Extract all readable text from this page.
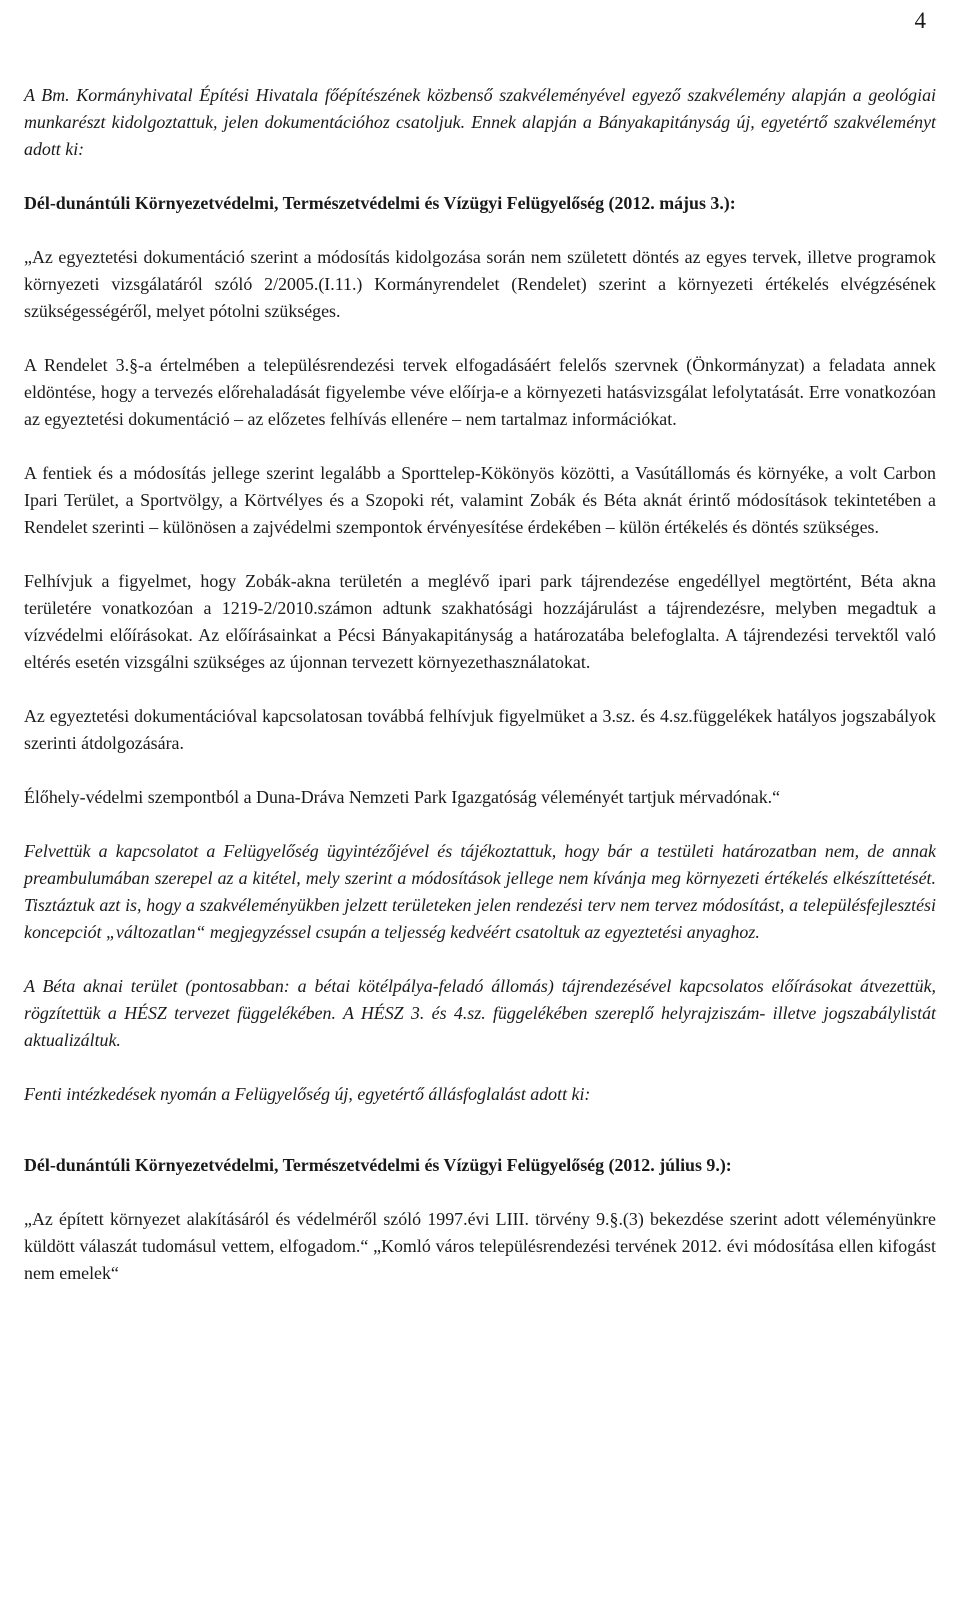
4

A Bm. Kormányhivatal Építési Hivatala főépítészének közbenső szakvéleményével egyező szakvélemény alapján a geológiai munkarészt kidolgoztattuk, jelen dokumentációhoz csatoljuk. Ennek alapján a Bányakapitányság új, egyetértő szakvéleményt adott ki:

Dél-dunántúli Környezetvédelmi, Természetvédelmi és Vízügyi Felügyelőség (2012. május 3.):

„Az egyeztetési dokumentáció szerint a módosítás kidolgozása során nem született döntés az egyes tervek, illetve programok környezeti vizsgálatáról szóló 2/2005.(I.11.) Kormányrendelet (Rendelet) szerint a környezeti értékelés elvégzésének szükségességéről, melyet pótolni szükséges.

A Rendelet 3.§-a értelmében a településrendezési tervek elfogadásáért felelős szervnek (Önkormányzat) a feladata annek eldöntése, hogy a tervezés előrehaladását figyelembe véve előírja-e a környezeti hatásvizsgálat lefolytatását. Erre vonatkozóan az egyeztetési dokumentáció – az előzetes felhívás ellenére – nem tartalmaz információkat.

A fentiek és a módosítás jellege szerint legalább a Sporttelep-Kökönyös közötti, a Vasútállomás és környéke, a volt Carbon Ipari Terület, a Sportvölgy, a Körtvélyes és a Szopoki rét, valamint Zobák és Béta aknát érintő módosítások tekintetében a Rendelet szerinti – különösen a zajvédelmi szempontok érvényesítése érdekében – külön értékelés és döntés szükséges.

Felhívjuk a figyelmet, hogy Zobák-akna területén a meglévő ipari park tájrendezése engedéllyel megtörtént, Béta akna területére vonatkozóan a 1219-2/2010.számon adtunk szakhatósági hozzájárulást a tájrendezésre, melyben megadtuk a vízvédelmi előírásokat. Az előírásainkat a Pécsi Bányakapitányság a határozatába belefoglalta. A tájrendezési tervektől való eltérés esetén vizsgálni szükséges az újonnan tervezett környezethasználatokat.

Az egyeztetési dokumentációval kapcsolatosan továbbá felhívjuk figyelmüket a 3.sz. és 4.sz.függelékek hatályos jogszabályok szerinti átdolgozására.

Élőhely-védelmi szempontból a Duna-Dráva Nemzeti Park Igazgatóság véleményét tartjuk mérvadónak.“

Felvettük a kapcsolatot a Felügyelőség ügyintézőjével és tájékoztattuk, hogy bár a testületi határozatban nem, de annak preambulumában szerepel az a kitétel, mely szerint a módosítások jellege nem kívánja meg környezeti értékelés elkészíttetését. Tisztáztuk azt is, hogy a szakvéleményükben jelzett területeken jelen rendezési terv nem tervez módosítást, a településfejlesztési koncepciót „változatlan“ megjegyzéssel csupán a teljesség kedvéért csatoltuk az egyeztetési anyaghoz.

A Béta aknai terület (pontosabban: a bétai kötélpálya-feladó állomás) tájrendezésével kapcsolatos előírásokat átvezettük, rögzítettük a HÉSZ tervezet függelékében. A HÉSZ 3. és 4.sz. függelékében szereplő helyrajziszám- illetve jogszabálylistát aktualizáltuk.

Fenti intézkedések nyomán a Felügyelőség új, egyetértő állásfoglalást adott ki:

Dél-dunántúli Környezetvédelmi, Természetvédelmi és Vízügyi Felügyelőség (2012. július 9.):

„Az épített környezet alakításáról és védelméről szóló 1997.évi LIII. törvény 9.§.(3) bekezdése szerint adott véleményünkre küldött válaszát tudomásul vettem, elfogadom.“ „Komló város településrendezési tervének 2012. évi módosítása ellen kifogást nem emelek“
